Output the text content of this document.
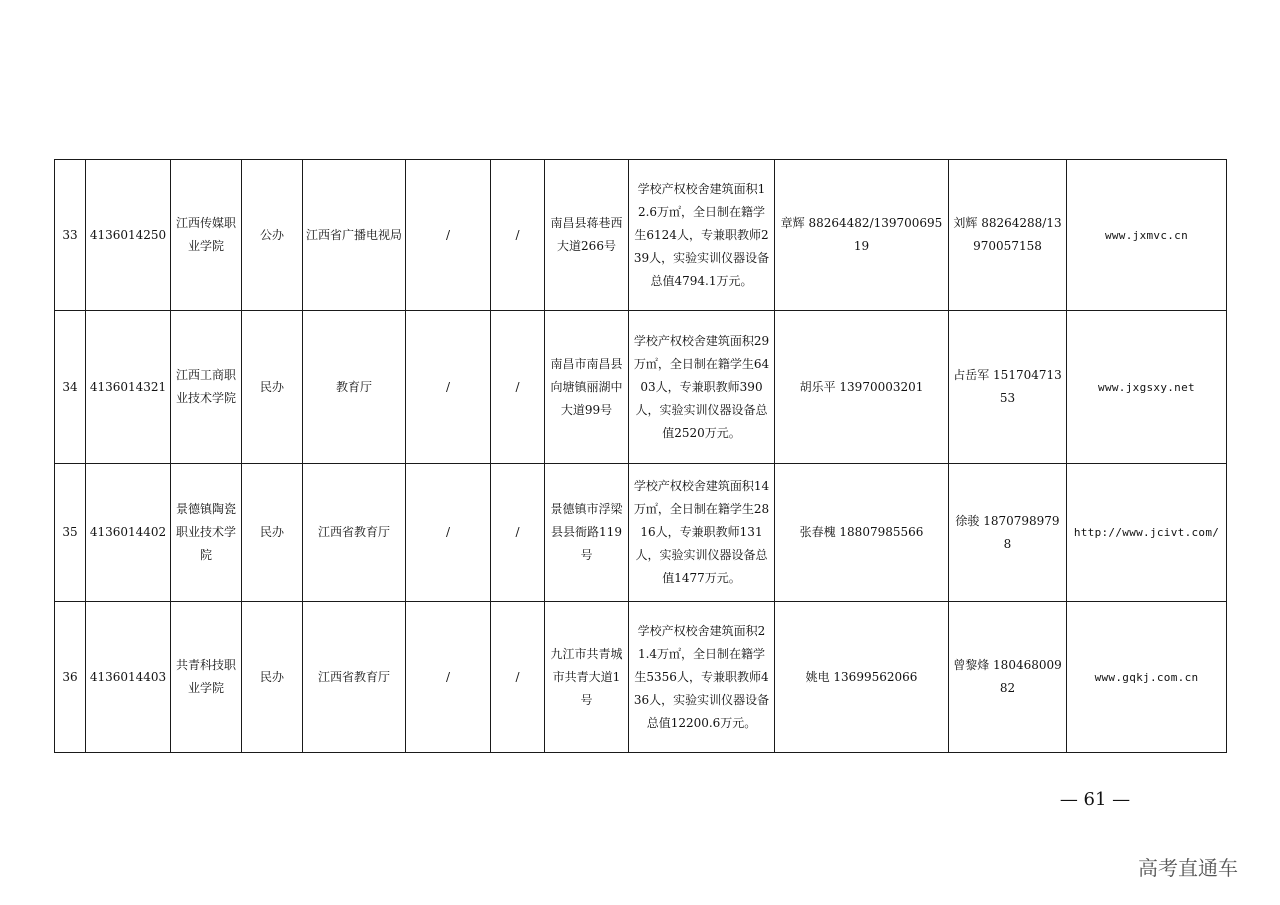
33	4136014250	江西传媒职业学院	公办	江西省广播电视局	/	/	南昌县蒋巷西大道266号	学校产权校舍建筑面积12.6万㎡，全日制在籍学生6124人，专兼职教师239人，实验实训仪器设备总值4794.1万元。	章辉 88264482/13970069519	刘辉 88264288/13970057158	www.jxmvc.cn
34	4136014321	江西工商职业技术学院	民办	教育厅	/	/	南昌市南昌县向塘镇丽湖中大道99号	学校产权校舍建筑面积29万㎡，全日制在籍学生6403人，专兼职教师390人，实验实训仪器设备总值2520万元。	胡乐平 13970003201	占岳军 15170471353	www.jxgsxy.net
35	4136014402	景德镇陶瓷职业技术学院	民办	江西省教育厅	/	/	景德镇市浮梁县县衙路119号	学校产权校舍建筑面积14万㎡，全日制在籍学生2816人，专兼职教师131人，实验实训仪器设备总值1477万元。	张春槐 18807985566	徐骏 18707989798	http://www.jcivt.com/
36	4136014403	共青科技职业学院	民办	江西省教育厅	/	/	九江市共青城市共青大道1号	学校产权校舍建筑面积21.4万㎡，全日制在籍学生5356人，专兼职教师436人，实验实训仪器设备总值12200.6万元。	姚电 13699562066	曾黎烽 18046800982	www.gqkj.com.cn
— 61 —
高考直通车
